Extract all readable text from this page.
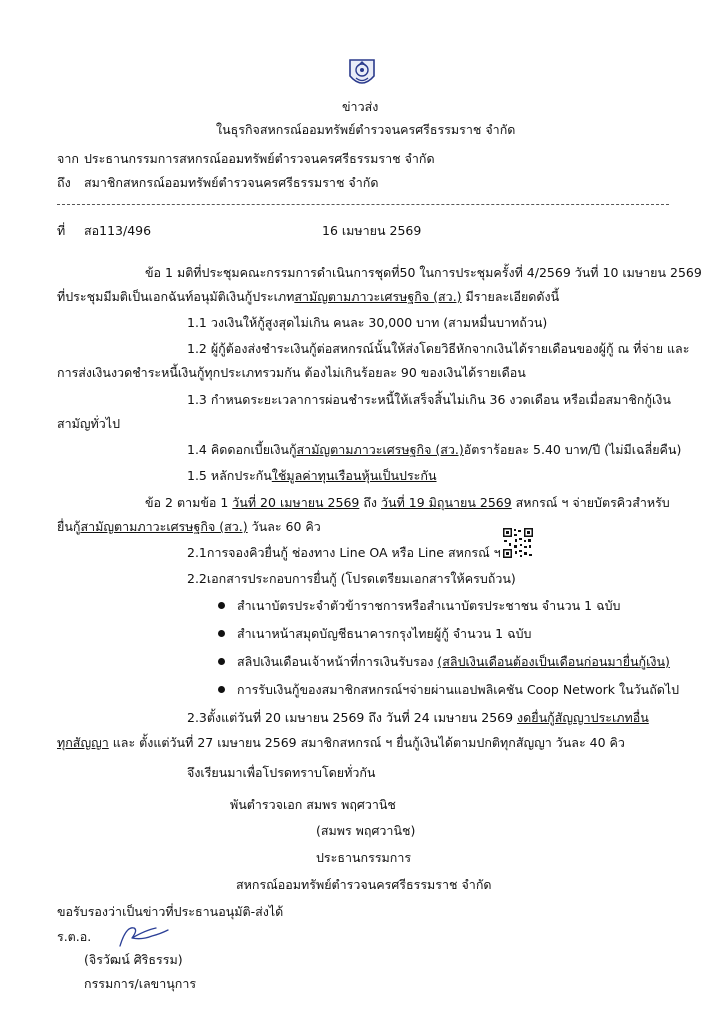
ข่าวส่ง
ในธุรกิจสหกรณ์ออมทรัพย์ตำรวจนครศรีธรรมราช จำกัด
จาก ประธานกรรมการสหกรณ์ออมทรัพย์ตำรวจนครศรีธรรมราช จำกัด
ถึง สมาชิกสหกรณ์ออมทรัพย์ตำรวจนครศรีธรรมราช จำกัด
ที่ สอ113/496	16 เมษายน 2569
ข้อ 1 มติที่ประชุมคณะกรรมการดำเนินการชุดที่50 ในการประชุมครั้งที่ 4/2569 วันที่ 10 เมษายน 2569
ที่ประชุมมีมติเป็นเอกฉันท์อนุมัติเงินกู้ประเภทสามัญตามภาวะเศรษฐกิจ (สว.) มีรายละเอียดดังนี้
1.1 วงเงินให้กู้สูงสุดไม่เกิน คนละ 30,000 บาท (สามหมื่นบาทถ้วน)
1.2 ผู้กู้ต้องส่งชำระเงินกู้ต่อสหกรณ์นั้นให้ส่งโดยวิธีหักจากเงินได้รายเดือนของผู้กู้ ณ ที่จ่าย และ
การส่งเงินงวดชำระหนี้เงินกู้ทุกประเภทรวมกัน ต้องไม่เกินร้อยละ 90 ของเงินได้รายเดือน
1.3 กำหนดระยะเวลาการผ่อนชำระหนี้ให้เสร็จสิ้นไม่เกิน 36 งวดเดือน หรือเมื่อสมาชิกกู้เงิน
สามัญทั่วไป
1.4 คิดดอกเบี้ยเงินกู้สามัญตามภาวะเศรษฐกิจ (สว.)อัตราร้อยละ 5.40 บาท/ปี (ไม่มีเฉลี่ยคืน)
1.5 หลักประกันใช้มูลค่าทุนเรือนหุ้นเป็นประกัน
ข้อ 2 ตามข้อ 1 วันที่ 20 เมษายน 2569 ถึง วันที่ 19 มิถุนายน 2569 สหกรณ์ ฯ จ่ายบัตรคิวสำหรับ
ยื่นกู้สามัญตามภาวะเศรษฐกิจ (สว.) วันละ 60 คิว
2.1การจองคิวยื่นกู้ ช่องทาง Line OA หรือ Line สหกรณ์ ฯ
2.2เอกสารประกอบการยื่นกู้ (โปรดเตรียมเอกสารให้ครบถ้วน)
สำเนาบัตรประจำตัวข้าราชการหรือสำเนาบัตรประชาชน จำนวน 1 ฉบับ
สำเนาหน้าสมุดบัญชีธนาคารกรุงไทยผู้กู้ จำนวน 1 ฉบับ
สลิปเงินเดือนเจ้าหน้าที่การเงินรับรอง (สลิปเงินเดือนต้องเป็นเดือนก่อนมายื่นกู้เงิน)
การรับเงินกู้ของสมาชิกสหกรณ์ฯจ่ายผ่านแอปพลิเคชัน Coop Network ในวันถัดไป
2.3ตั้งแต่วันที่ 20 เมษายน 2569 ถึง วันที่ 24 เมษายน 2569 งดยื่นกู้สัญญาประเภทอื่น
ทุกสัญญา และ ตั้งแต่วันที่ 27 เมษายน 2569 สมาชิกสหกรณ์ ฯ ยื่นกู้เงินได้ตามปกติทุกสัญญา วันละ 40 คิว
จึงเรียนมาเพื่อโปรดทราบโดยทั่วกัน
พันตำรวจเอก สมพร พฤศวานิช
(สมพร พฤศวานิช)
ประธานกรรมการ
สหกรณ์ออมทรัพย์ตำรวจนครศรีธรรมราช จำกัด
ขอรับรองว่าเป็นข่าวที่ประธานอนุมัติ-ส่งได้
ร.ต.อ.
(จิรวัฒน์ ศิริธรรม)
กรรมการ/เลขานุการ
